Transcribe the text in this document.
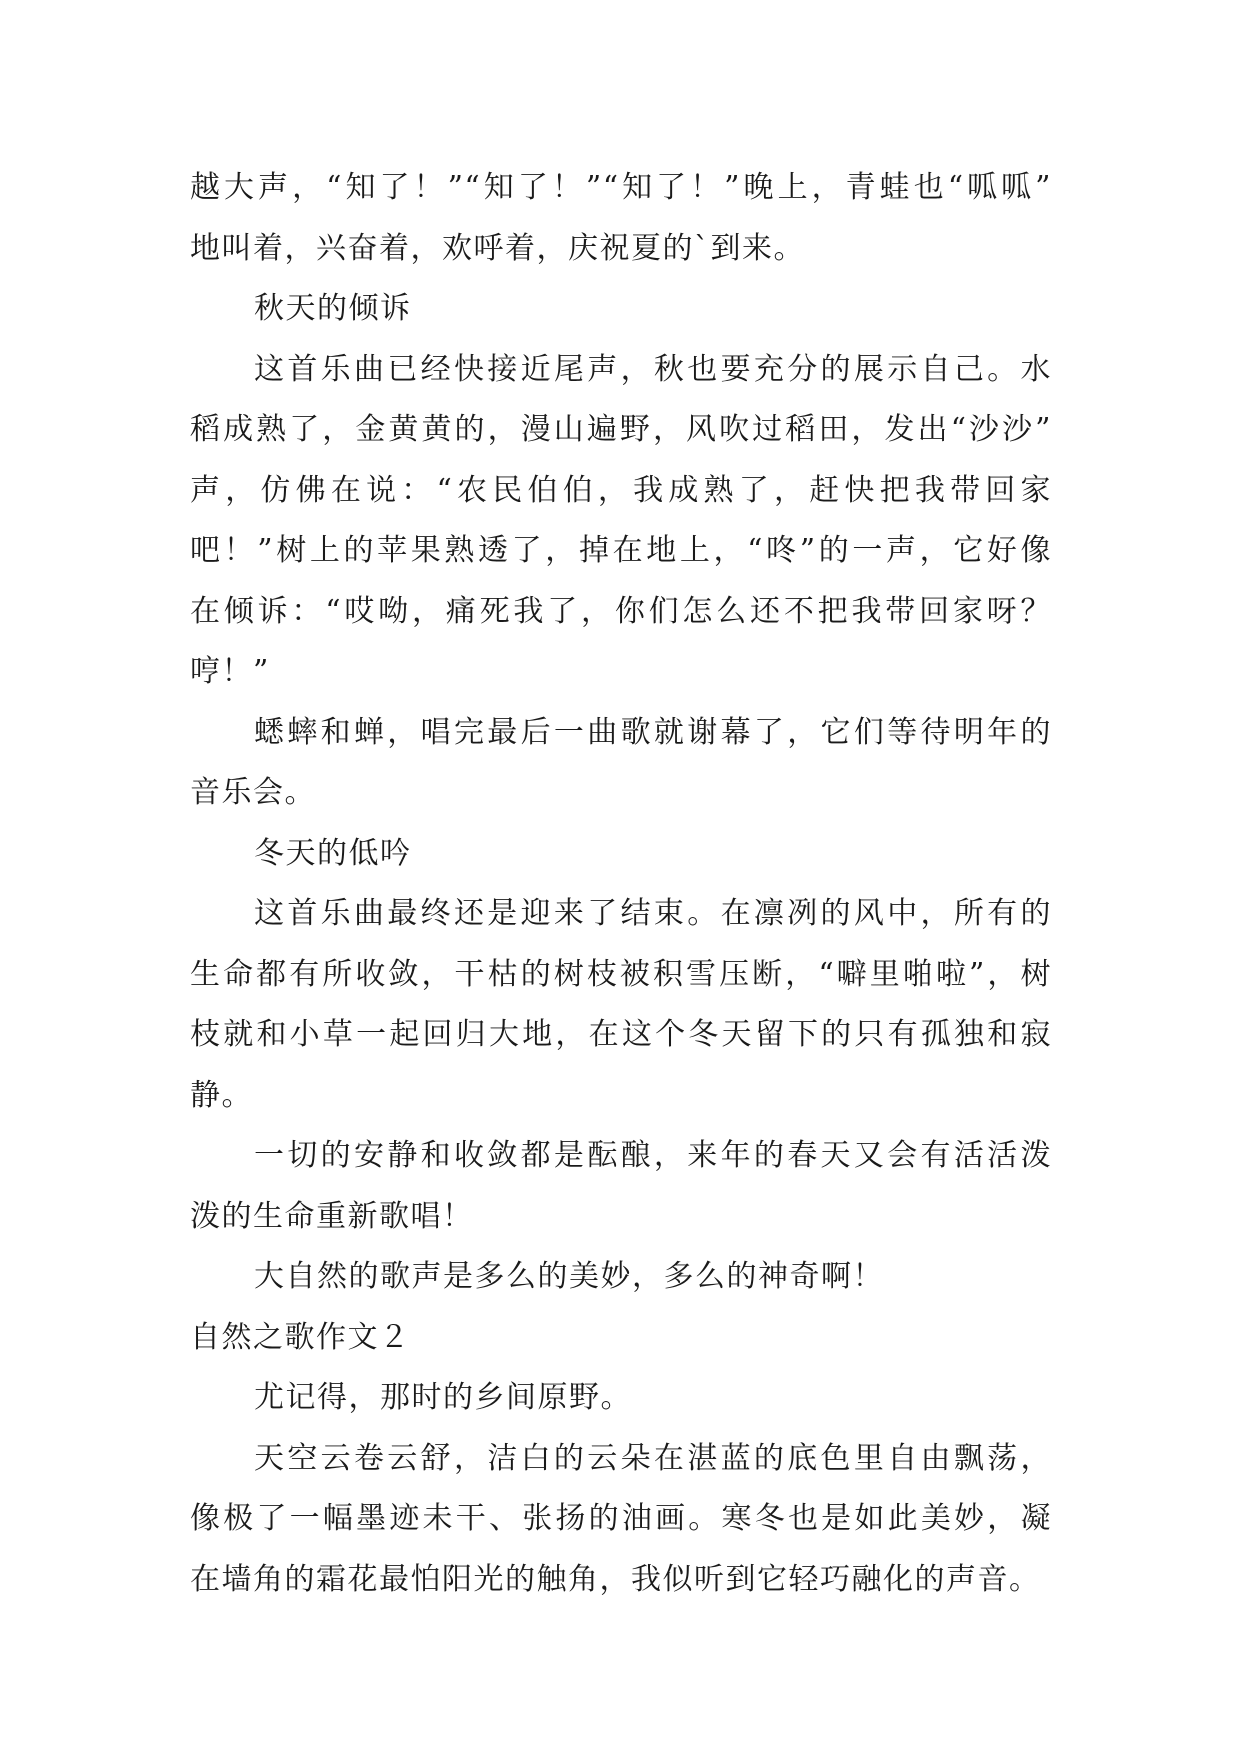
越大声，“知了！”“知了！”“知了！”晚上，青蛙也“呱呱”
地叫着，兴奋着，欢呼着，庆祝夏的`到来。
秋天的倾诉
这首乐曲已经快接近尾声，秋也要充分的展示自己。水
稻成熟了，金黄黄的，漫山遍野，风吹过稻田，发出“沙沙”
声，仿佛在说：“农民伯伯，我成熟了，赶快把我带回家
吧！”树上的苹果熟透了，掉在地上，“咚”的一声，它好像
在倾诉：“哎呦，痛死我了，你们怎么还不把我带回家呀？
哼！”
蟋蟀和蝉，唱完最后一曲歌就谢幕了，它们等待明年的
音乐会。
冬天的低吟
这首乐曲最终还是迎来了结束。在凛冽的风中，所有的
生命都有所收敛，干枯的树枝被积雪压断，“噼里啪啦”，树
枝就和小草一起回归大地，在这个冬天留下的只有孤独和寂
静。
一切的安静和收敛都是酝酿，来年的春天又会有活活泼
泼的生命重新歌唱！
大自然的歌声是多么的美妙，多么的神奇啊！
自然之歌作文２
尤记得，那时的乡间原野。
天空云卷云舒，洁白的云朵在湛蓝的底色里自由飘荡，
像极了一幅墨迹未干、张扬的油画。寒冬也是如此美妙，凝
在墙角的霜花最怕阳光的触角，我似听到它轻巧融化的声音。
